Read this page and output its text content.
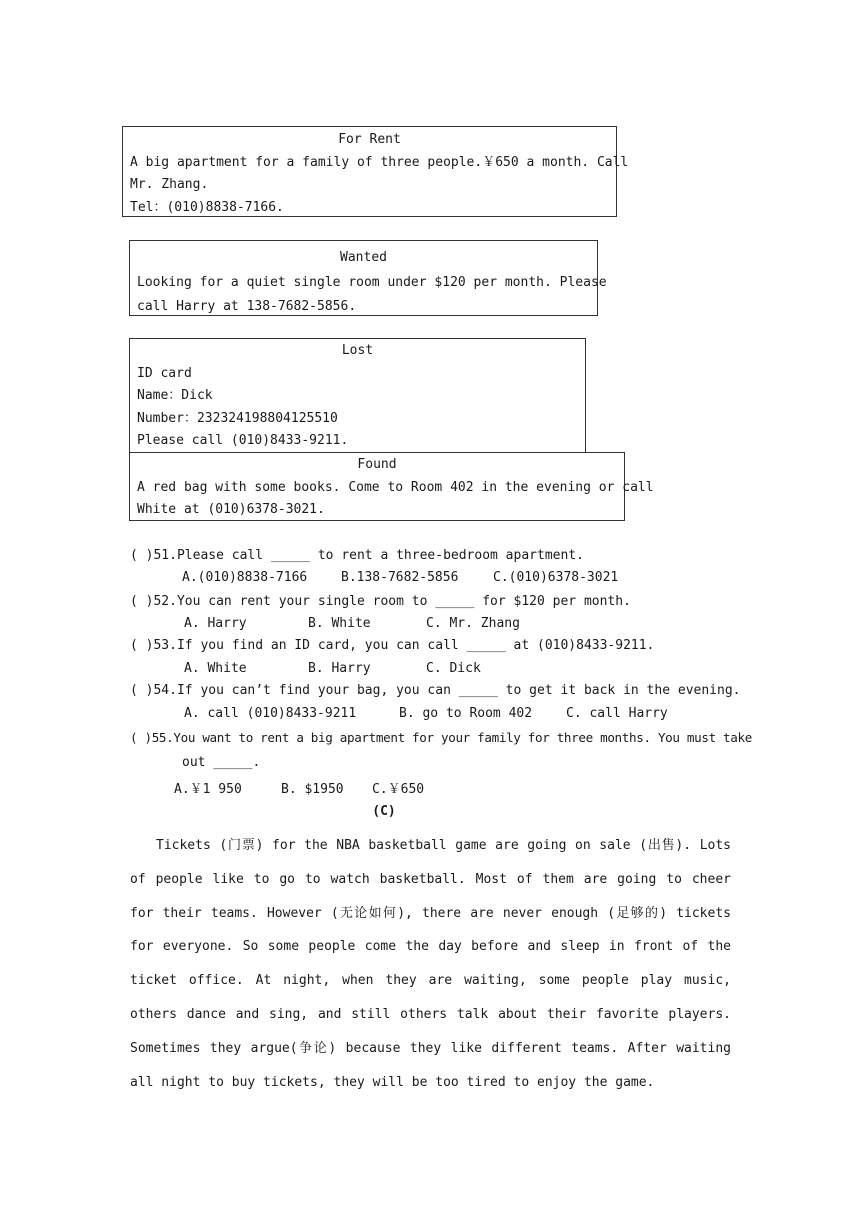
For Rent
A big apartment for a family of three people.￥650 a month. Call
Mr. Zhang.
Tel：(010)8838-7166.
Wanted
Looking for a quiet single room under $120 per month. Please
call Harry at 138-7682-5856.
Lost
ID card
Name：Dick
Number：232324198804125510
Please call (010)8433-9211.
Found
A red bag with some books. Come to Room 402 in the evening or call
White at (010)6378-3021.
( )51.Please call _____ to rent a three-bedroom apartment.
A.(010)8838-7166	B.138-7682-5856	C.(010)6378-3021
( )52.You can rent your single room to _____ for $120 per month.
A. Harry	B. White	C. Mr. Zhang
( )53.If you find an ID card, you can call _____ at (010)8433-9211.
A. White	B. Harry	C. Dick
( )54.If you can’t find your bag, you can _____ to get it back in the evening.
A. call (010)8433-9211	B. go to Room 402	C. call Harry
( )55.You want to rent a big apartment for your family for three months. You must take
out _____.
A.￥1 950	B. $1950 C.￥650
(C)
Tickets (门票) for the NBA basketball game are going on sale (出售). Lots of people like to go to watch basketball. Most of them are going to cheer for their teams. However (无论如何), there are never enough (足够的) tickets for everyone. So some people come the day before and sleep in front of the ticket office. At night, when they are waiting, some people play music, others dance and sing, and still others talk about their favorite players. Sometimes they argue(争论) because they like different teams. After waiting all night to buy tickets, they will be too tired to enjoy the game.
